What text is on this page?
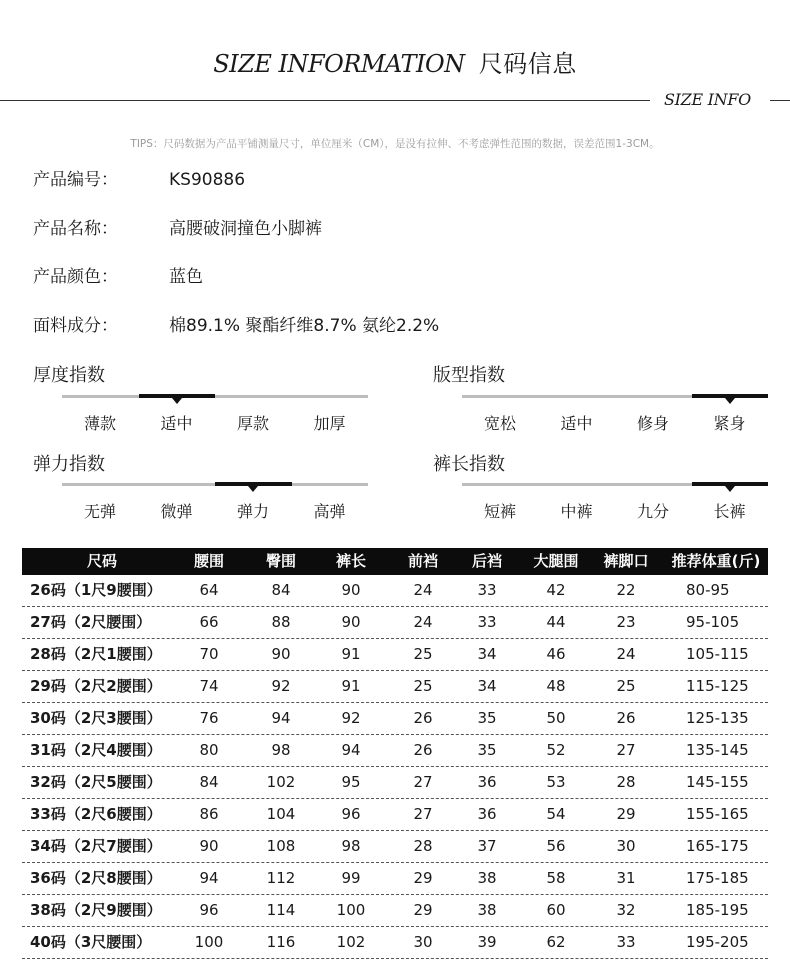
SIZE INFORMATION 尺码信息
SIZE INFO
TIPS：尺码数据为产品平铺测量尺寸，单位厘米（CM），是没有拉伸、不考虑弹性范围的数据，误差范围1-3CM。
产品编号：	KS90886
产品名称：	高腰破洞撞色小脚裤
产品颜色：	蓝色
面料成分：	棉89.1% 聚酯纤维8.7% 氨纶2.2%
厚度指数
薄款	适中	厚款	加厚
版型指数
宽松	适中	修身	紧身
弹力指数
无弹	微弹	弹力	高弹
裤长指数
短裤	中裤	九分	长裤
尺码	腰围	臀围	裤长	前裆	后裆	大腿围	裤脚口	推荐体重(斤)
26码（1尺9腰围）	64	84	90	24	33	42	22	80-95
27码（2尺腰围）	66	88	90	24	33	44	23	95-105
28码（2尺1腰围）	70	90	91	25	34	46	24	105-115
29码（2尺2腰围）	74	92	91	25	34	48	25	115-125
30码（2尺3腰围）	76	94	92	26	35	50	26	125-135
31码（2尺4腰围）	80	98	94	26	35	52	27	135-145
32码（2尺5腰围）	84	102	95	27	36	53	28	145-155
33码（2尺6腰围）	86	104	96	27	36	54	29	155-165
34码（2尺7腰围）	90	108	98	28	37	56	30	165-175
36码（2尺8腰围）	94	112	99	29	38	58	31	175-185
38码（2尺9腰围）	96	114	100	29	38	60	32	185-195
40码（3尺腰围）	100	116	102	30	39	62	33	195-205
